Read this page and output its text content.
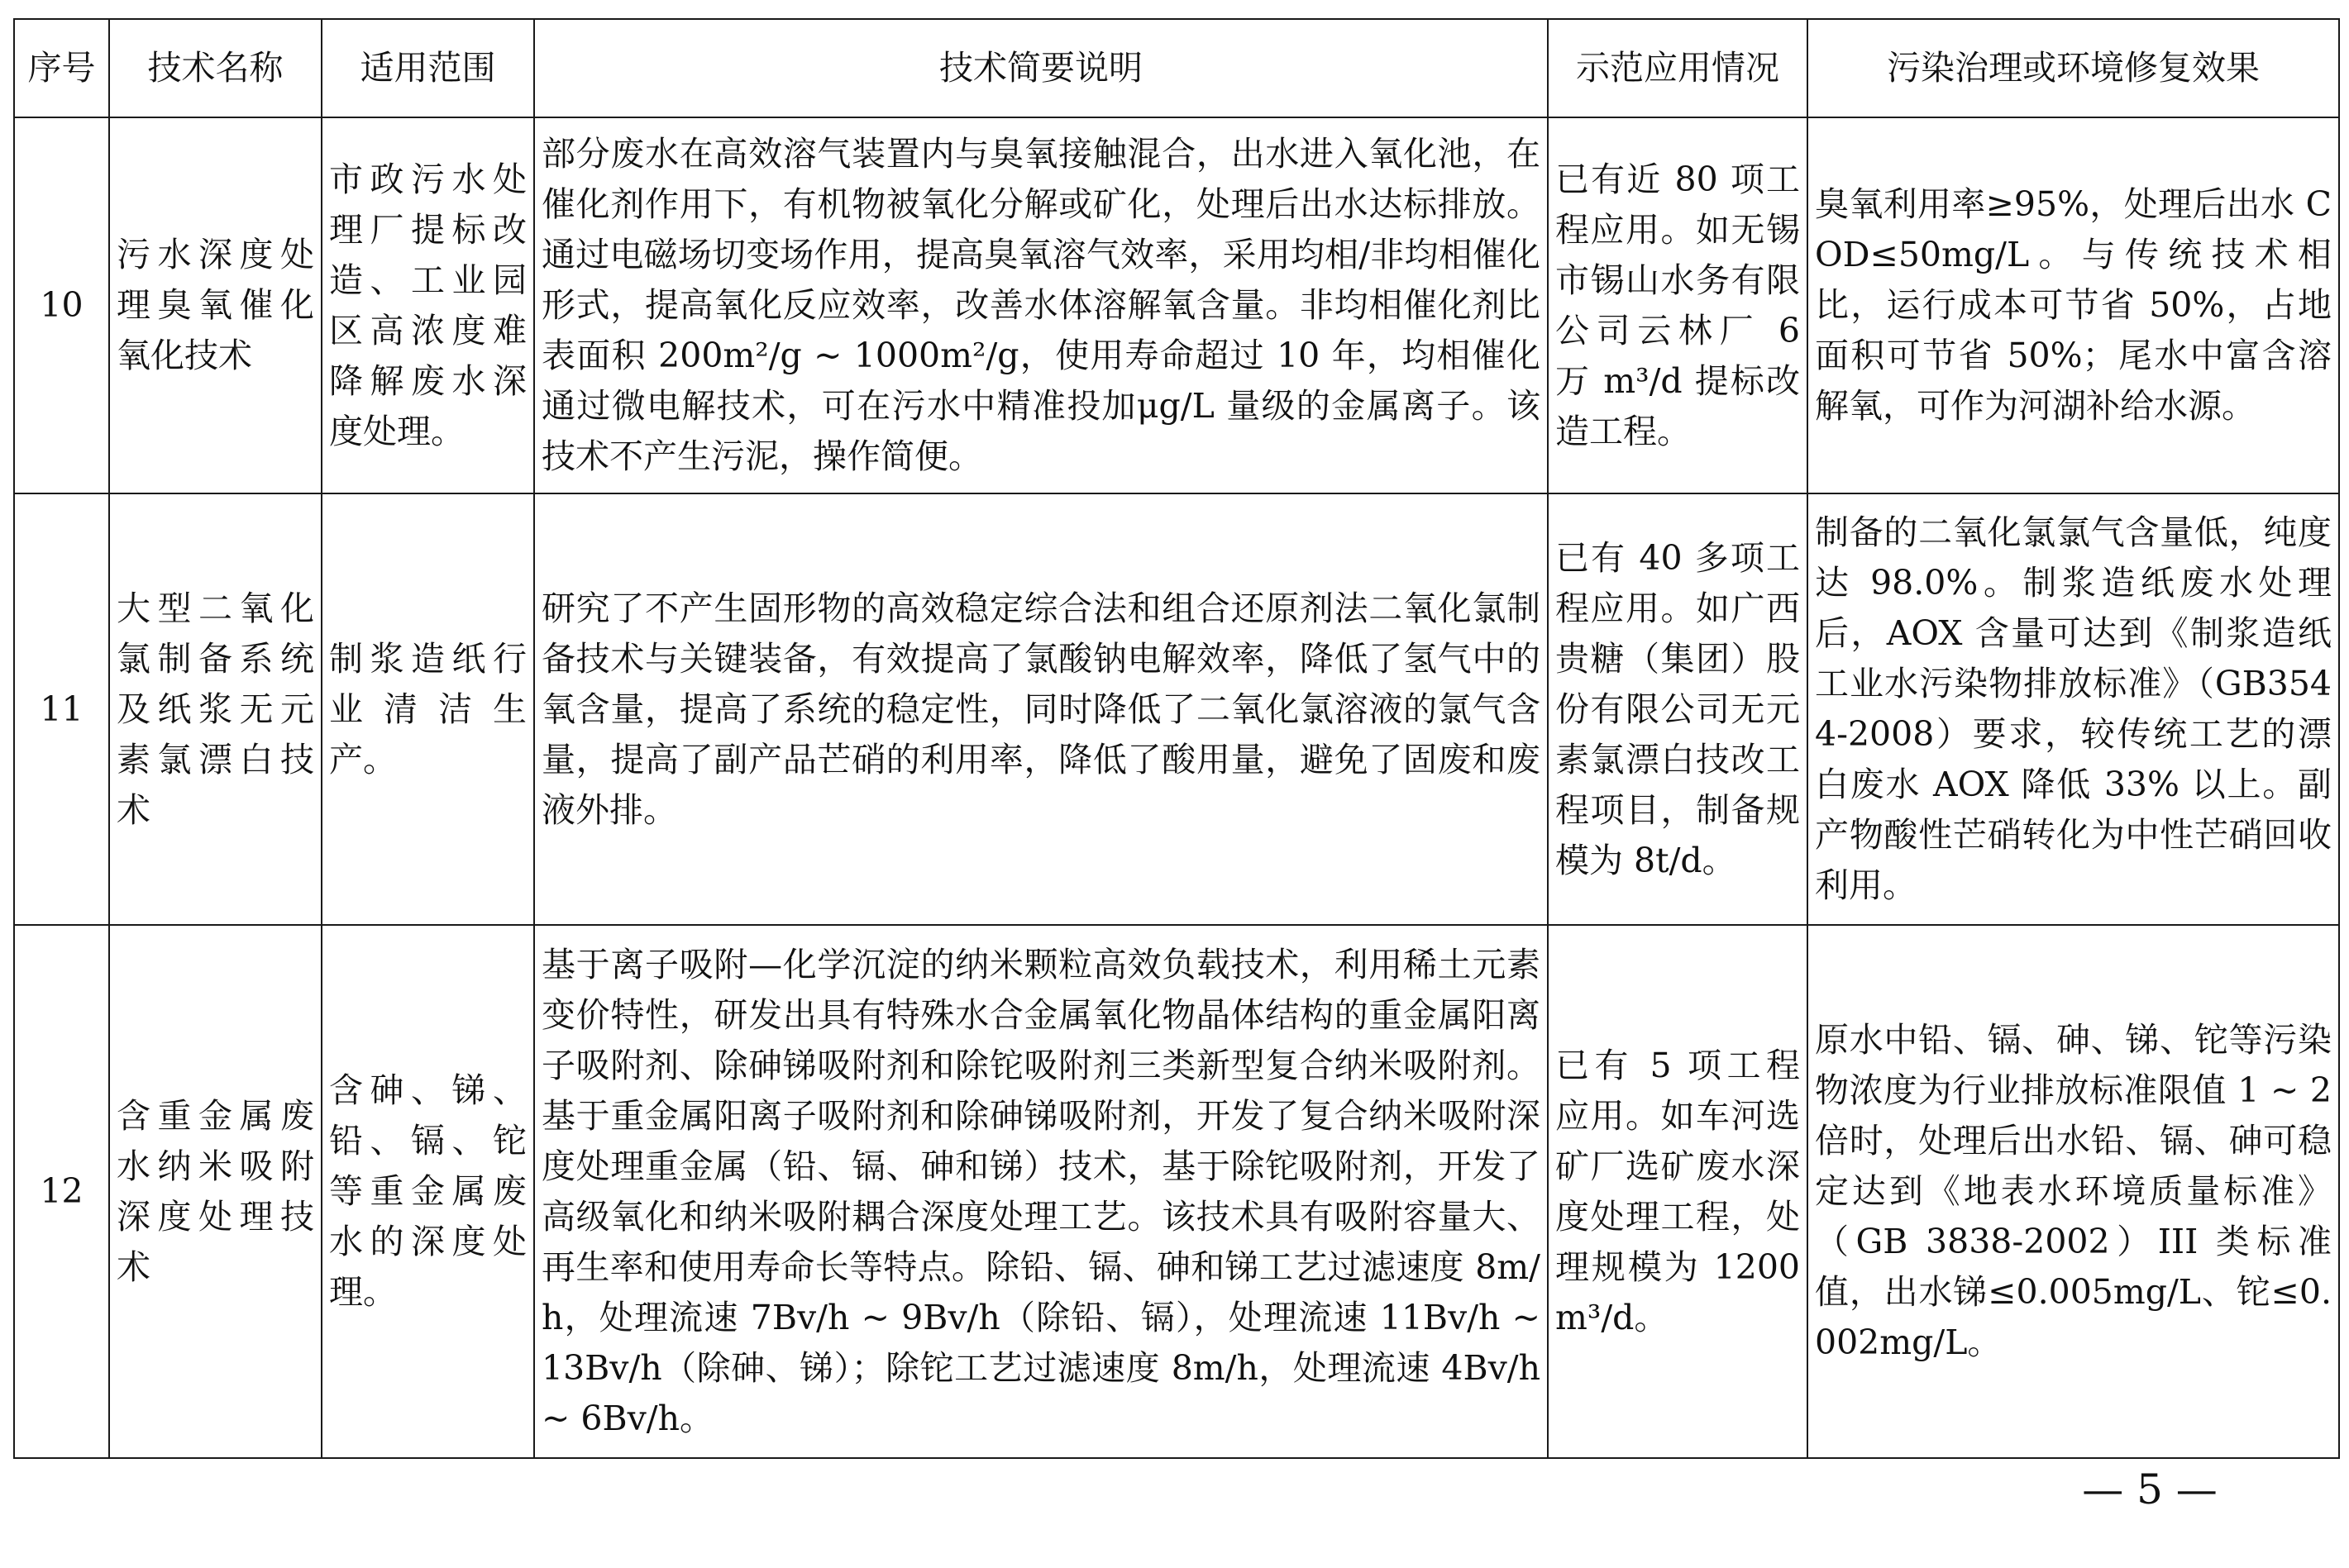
序号	技术名称	适用范围	技术简要说明	示范应用情况	污染治理或环境修复效果
10	污水深度处理臭氧催化氧化技术	市政污水处理厂提标改造、工业园区高浓度难降解废水深度处理。	部分废水在高效溶气装置内与臭氧接触混合，出水进入氧化池，在催化剂作用下，有机物被氧化分解或矿化，处理后出水达标排放。通过电磁场切变场作用，提高臭氧溶气效率，采用均相/非均相催化形式，提高氧化反应效率，改善水体溶解氧含量。非均相催化剂比表面积 200m²/g ~ 1000m²/g，使用寿命超过 10 年，均相催化通过微电解技术，可在污水中精准投加μg/L 量级的金属离子。该技术不产生污泥，操作简便。	已有近 80 项工程应用。如无锡市锡山水务有限公司云林厂 6 万 m³/d 提标改造工程。	臭氧利用率≥95%，处理后出水 COD≤50mg/L。与传统技术相比，运行成本可节省 50%，占地面积可节省 50%；尾水中富含溶解氧，可作为河湖补给水源。
11	大型二氧化氯制备系统及纸浆无元素氯漂白技术	制浆造纸行业清洁生产。	研究了不产生固形物的高效稳定综合法和组合还原剂法二氧化氯制备技术与关键装备，有效提高了氯酸钠电解效率，降低了氢气中的氧含量，提高了系统的稳定性，同时降低了二氧化氯溶液的氯气含量，提高了副产品芒硝的利用率，降低了酸用量，避免了固废和废液外排。	已有 40 多项工程应用。如广西贵糖（集团）股份有限公司无元素氯漂白技改工程项目，制备规模为 8t/d。	制备的二氧化氯氯气含量低，纯度达 98.0%。制浆造纸废水处理后，AOX 含量可达到《制浆造纸工业水污染物排放标准》（GB3544-2008）要求，较传统工艺的漂白废水 AOX 降低 33% 以上。副产物酸性芒硝转化为中性芒硝回收利用。
12	含重金属废水纳米吸附深度处理技术	含砷、锑、铅、镉、铊等重金属废水的深度处理。	基于离子吸附—化学沉淀的纳米颗粒高效负载技术，利用稀土元素变价特性，研发出具有特殊水合金属氧化物晶体结构的重金属阳离子吸附剂、除砷锑吸附剂和除铊吸附剂三类新型复合纳米吸附剂。基于重金属阳离子吸附剂和除砷锑吸附剂，开发了复合纳米吸附深度处理重金属（铅、镉、砷和锑）技术，基于除铊吸附剂，开发了高级氧化和纳米吸附耦合深度处理工艺。该技术具有吸附容量大、再生率和使用寿命长等特点。除铅、镉、砷和锑工艺过滤速度 8m/h，处理流速 7Bv/h ~ 9Bv/h（除铅、镉），处理流速 11Bv/h ~ 13Bv/h（除砷、锑）；除铊工艺过滤速度 8m/h，处理流速 4Bv/h ~ 6Bv/h。	已有 5 项工程应用。如车河选矿厂选矿废水深度处理工程，处理规模为 1200m³/d。	原水中铅、镉、砷、锑、铊等污染物浓度为行业排放标准限值 1 ~ 2 倍时，处理后出水铅、镉、砷可稳定达到《地表水环境质量标准》（GB 3838-2002）III 类标准值，出水锑≤0.005mg/L、铊≤0.002mg/L。
— 5 —
